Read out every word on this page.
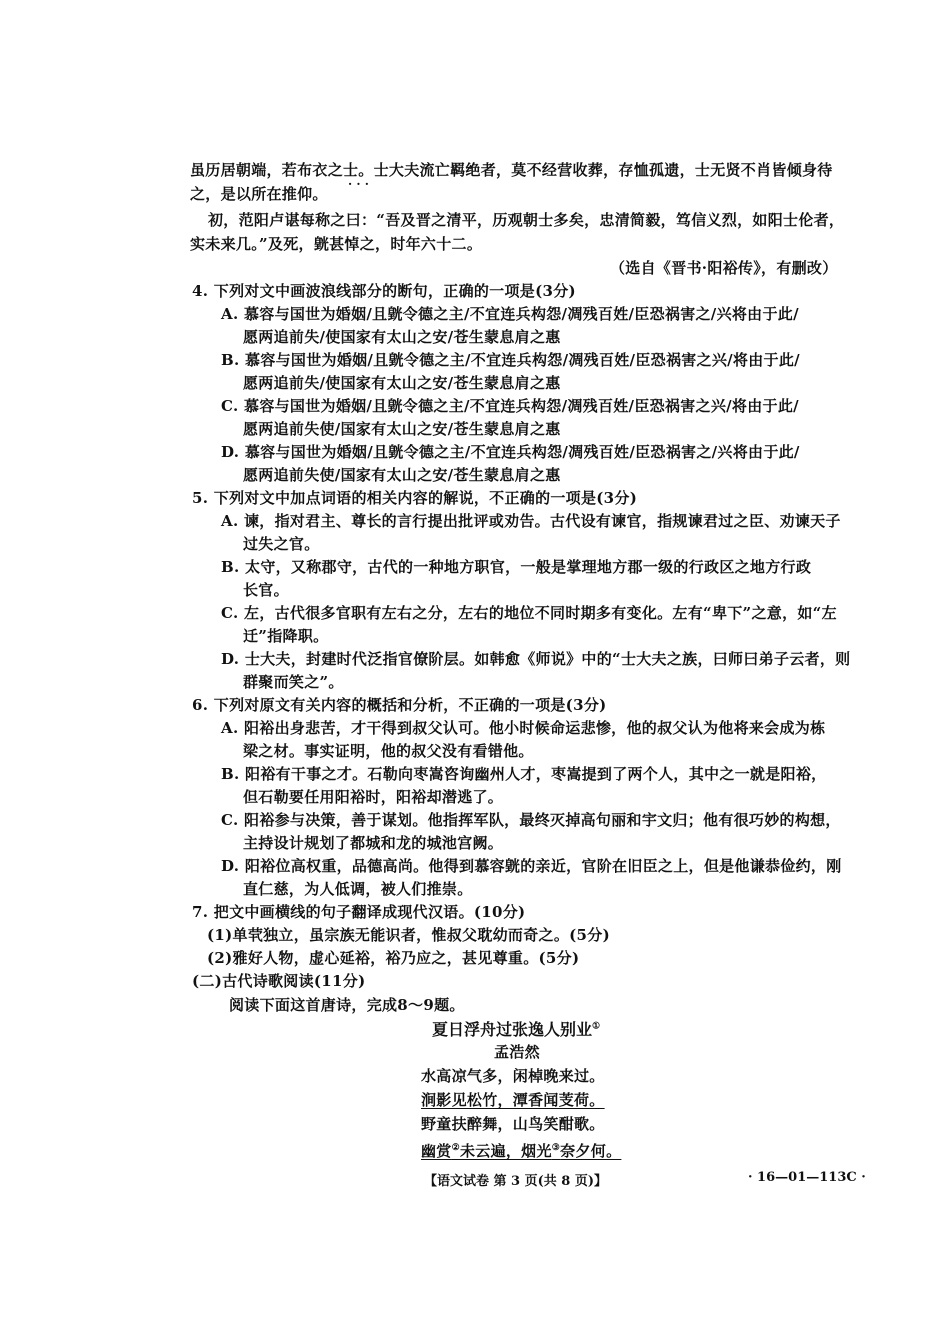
虽历居朝端，若布衣之士。士大夫流亡羁绝者，莫不经营收葬，存恤孤遗，士无贤不肖皆倾身待
· · ·
之，是以所在推仰。
初，范阳卢谌每称之曰：“吾及晋之清平，历观朝士多矣，忠清简毅，笃信义烈，如阳士伦者，
实未来几。”及死，皝甚悼之，时年六十二。
（选自《晋书·阳裕传》，有删改）
4. 下列对文中画波浪线部分的断句，正确的一项是(3分)
A. 慕容与国世为婚姻/且皝令德之主/不宜连兵构怨/凋残百姓/臣恐祸害之/兴将由于此/
愿两追前失/使国家有太山之安/苍生蒙息肩之惠
B. 慕容与国世为婚姻/且皝令德之主/不宜连兵构怨/凋残百姓/臣恐祸害之兴/将由于此/
愿两追前失/使国家有太山之安/苍生蒙息肩之惠
C. 慕容与国世为婚姻/且皝令德之主/不宜连兵构怨/凋残百姓/臣恐祸害之兴/将由于此/
愿两追前失使/国家有太山之安/苍生蒙息肩之惠
D. 慕容与国世为婚姻/且皝令德之主/不宜连兵构怨/凋残百姓/臣恐祸害之/兴将由于此/
愿两追前失使/国家有太山之安/苍生蒙息肩之惠
5. 下列对文中加点词语的相关内容的解说，不正确的一项是(3分)
A. 谏，指对君主、尊长的言行提出批评或劝告。古代设有谏官，指规谏君过之臣、劝谏天子
过失之官。
B. 太守，又称郡守，古代的一种地方职官，一般是掌理地方郡一级的行政区之地方行政
长官。
C. 左，古代很多官职有左右之分，左右的地位不同时期多有变化。左有“卑下”之意，如“左
迁”指降职。
D. 士大夫，封建时代泛指官僚阶层。如韩愈《师说》中的“士大夫之族，曰师曰弟子云者，则
群聚而笑之”。
6. 下列对原文有关内容的概括和分析，不正确的一项是(3分)
A. 阳裕出身悲苦，才干得到叔父认可。他小时候命运悲惨，他的叔父认为他将来会成为栋
梁之材。事实证明，他的叔父没有看错他。
B. 阳裕有干事之才。石勒向枣嵩咨询幽州人才，枣嵩提到了两个人，其中之一就是阳裕，
但石勒要任用阳裕时，阳裕却潜逃了。
C. 阳裕参与决策，善于谋划。他指挥军队，最终灭掉高句丽和宇文归；他有很巧妙的构想，
主持设计规划了都城和龙的城池宫阙。
D. 阳裕位高权重，品德高尚。他得到慕容皝的亲近，官阶在旧臣之上，但是他谦恭俭约，刚
直仁慈，为人低调，被人们推崇。
7. 把文中画横线的句子翻译成现代汉语。(10分)
(1)单茕独立，虽宗族无能识者，惟叔父耽幼而奇之。(5分)
(2)雅好人物，虚心延裕，裕乃应之，甚见尊重。(5分)
(二)古代诗歌阅读(11分)
阅读下面这首唐诗，完成8～9题。
夏日浮舟过张逸人别业①
孟浩然
水高凉气多，闲棹晚来过。
涧影见松竹，潭香闻芰荷。
野童扶醉舞，山鸟笑酣歌。
幽赏②未云遍，烟光③奈夕何。
【语文试卷 第 3 页(共 8 页)】	· 16—01—113C ·
